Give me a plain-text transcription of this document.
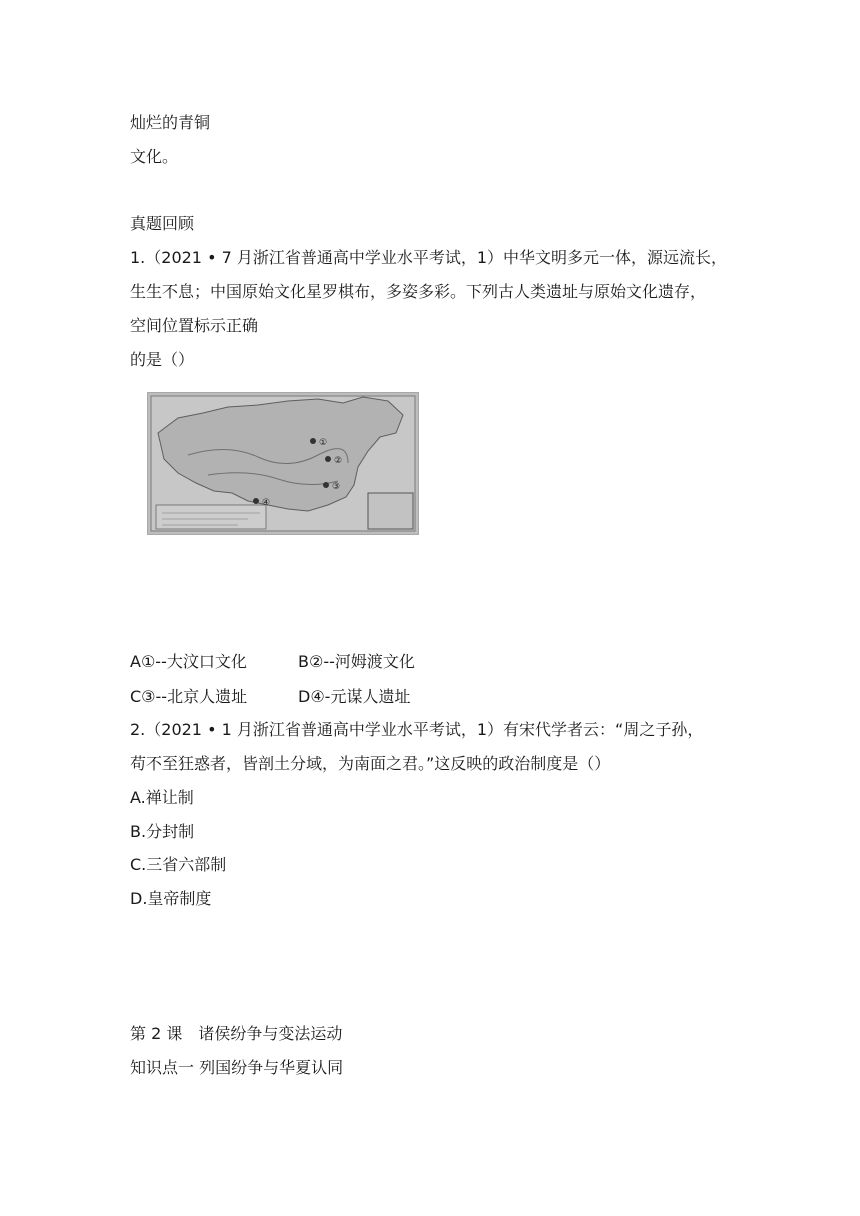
灿烂的青铜
文化。
真题回顾
1.（2021 • 7 月浙江省普通高中学业水平考试，1）中华文明多元一体，源远流长，
生生不息；中国原始文化星罗棋布，多姿多彩。下列古人类遗址与原始文化遗存，
空间位置标示正确
的是（）
①
②
③
④
A①--大汶口文化	B②--河姆渡文化
C③--北京人遗址	D④-元谋人遗址
2.（2021 • 1 月浙江省普通高中学业水平考试，1）有宋代学者云：“周之子孙，
苟不至狂惑者，皆剖土分域，为南面之君。”这反映的政治制度是（）
A.禅让制
B.分封制
C.三省六部制
D.皇帝制度
第 2 课　诸侯纷争与变法运动
知识点一 列国纷争与华夏认同
